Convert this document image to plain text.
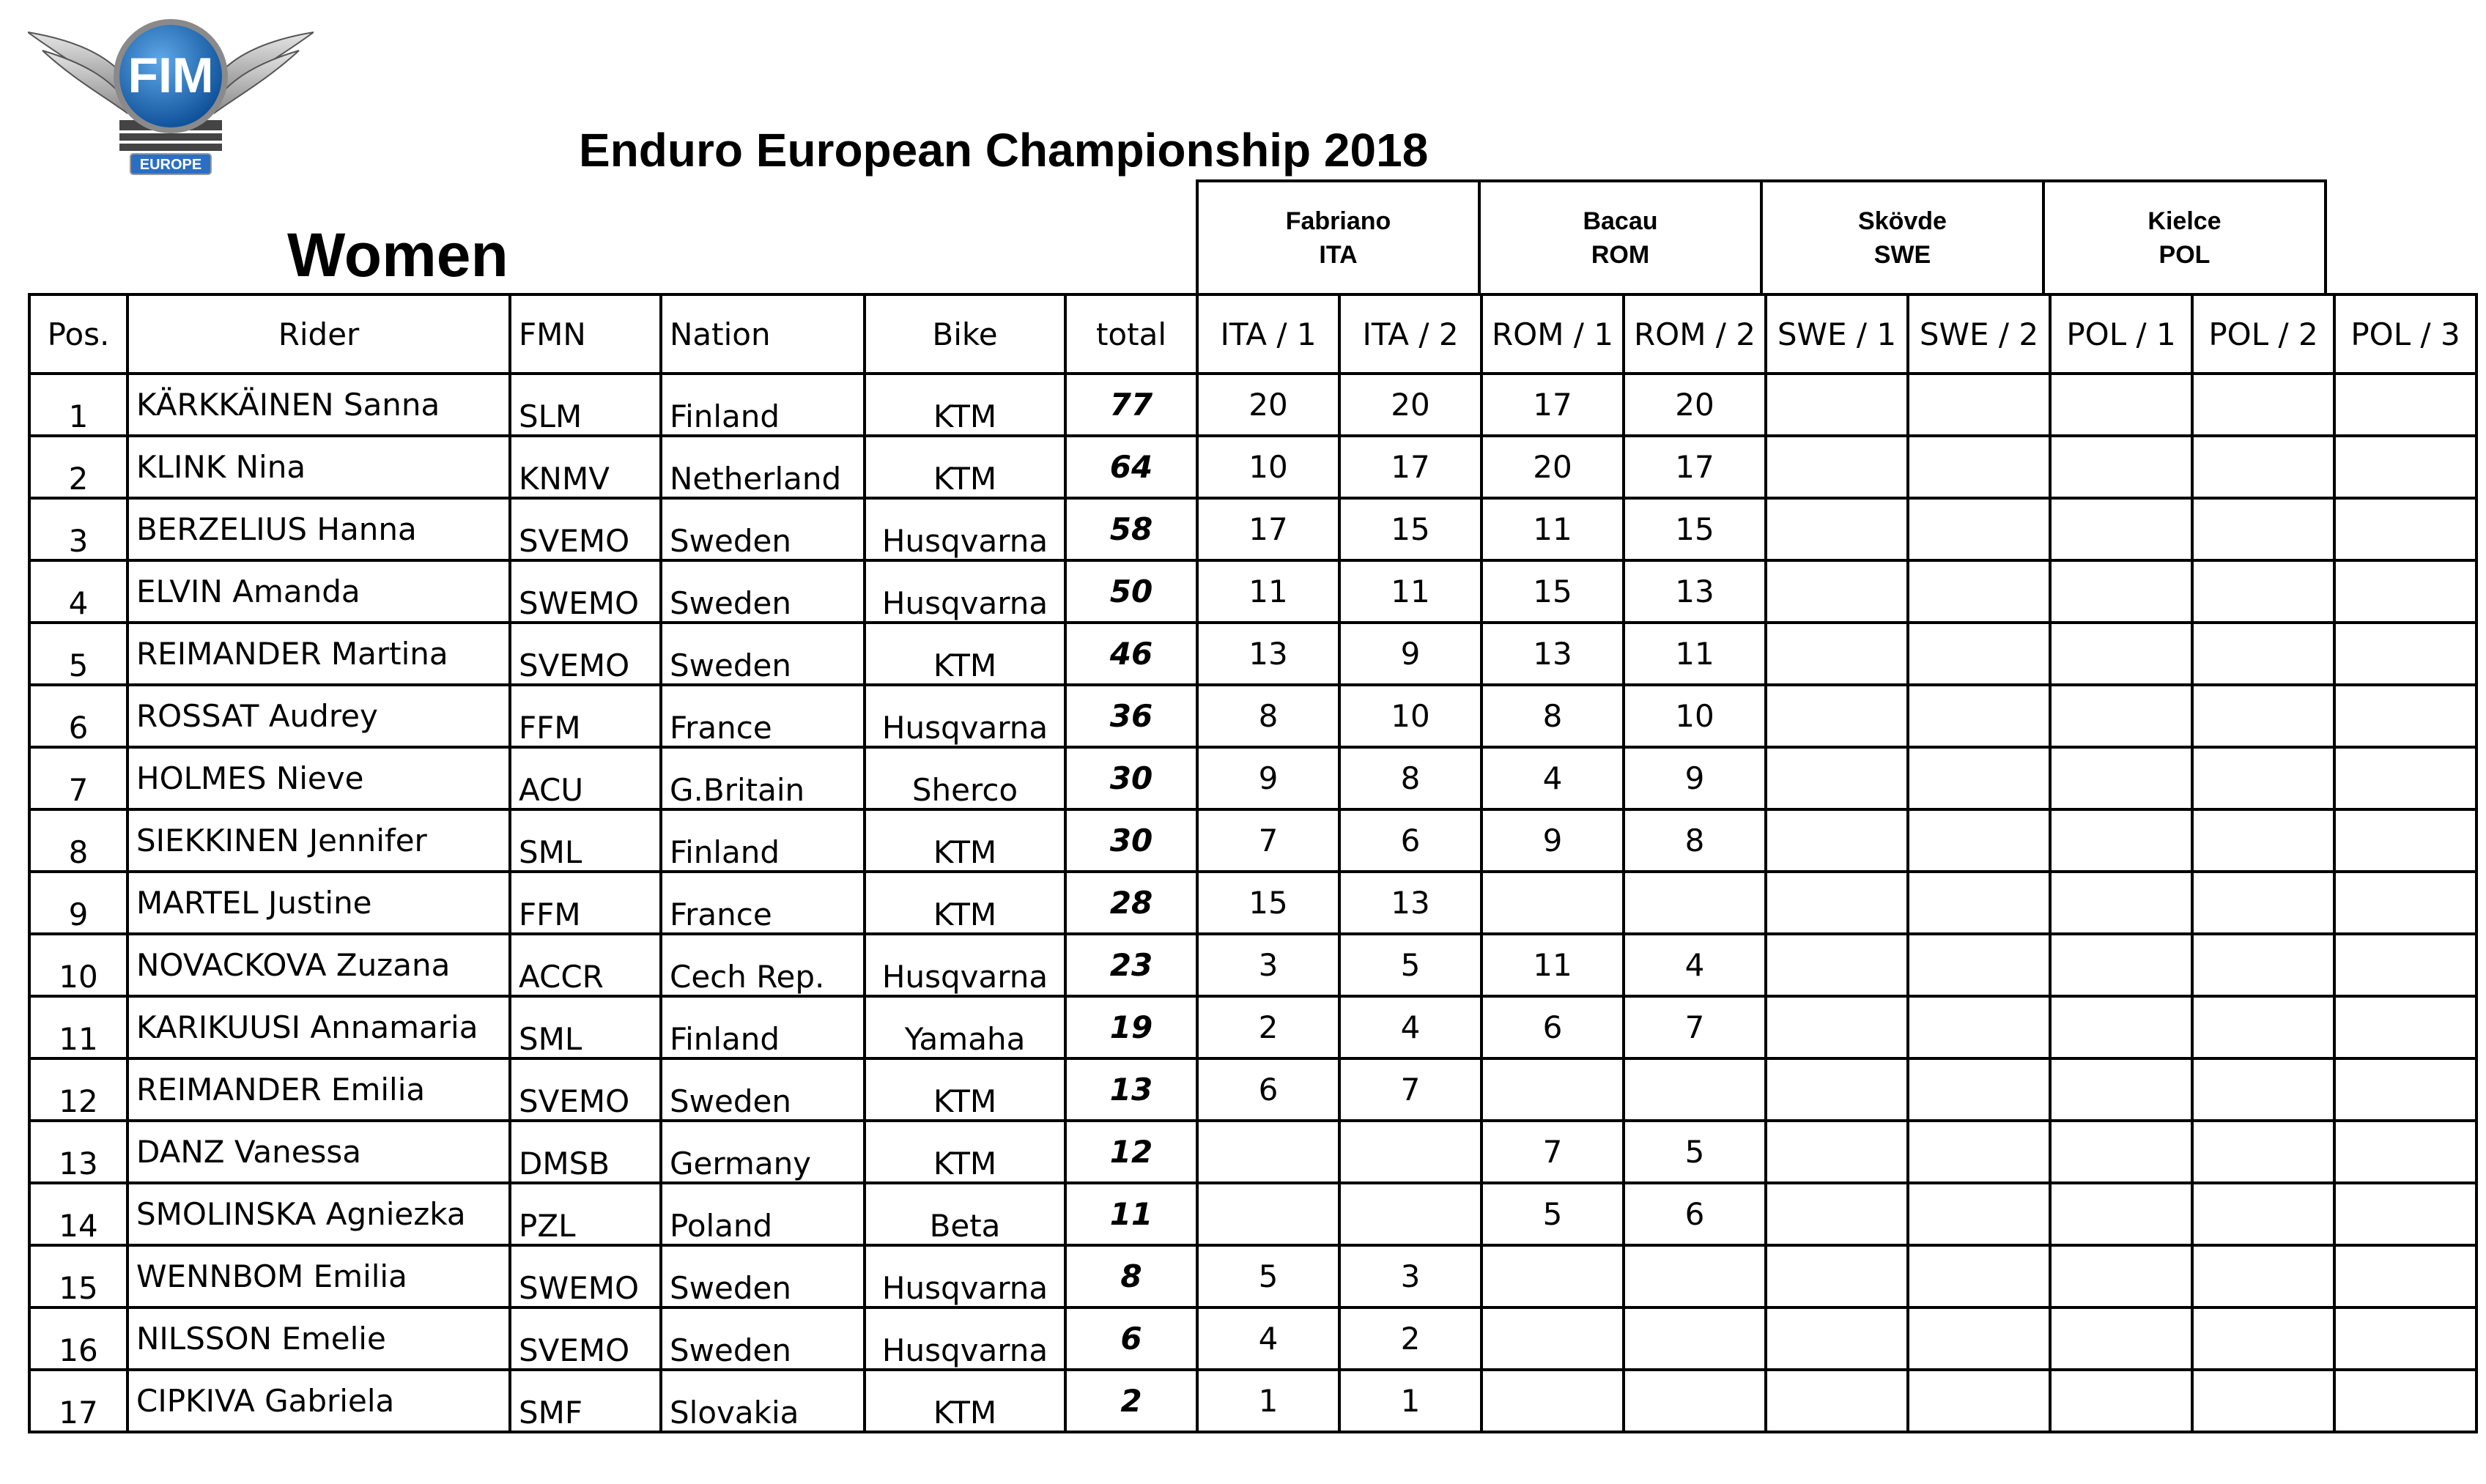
FIM
EUROPE	Enduro European Championship 2018
Women	Fabriano
ITA

Bacau
ROM

Skövde
SWE

Kielce
POL
Pos.	Rider	FMN	Nation	Bike	total	ITA / 1	ITA / 2	ROM / 1	ROM / 2	SWE / 1	SWE / 2	POL / 1	POL / 2	POL / 3
1	KÄRKKÄINEN Sanna	SLM	Finland	KTM	77	20	20	17	20					
2	KLINK Nina	KNMV	Netherland	KTM	64	10	17	20	17					
3	BERZELIUS Hanna	SVEMO	Sweden	Husqvarna	58	17	15	11	15					
4	ELVIN Amanda	SWEMO	Sweden	Husqvarna	50	11	11	15	13					
5	REIMANDER Martina	SVEMO	Sweden	KTM	46	13	9	13	11					
6	ROSSAT Audrey	FFM	France	Husqvarna	36	8	10	8	10					
7	HOLMES Nieve	ACU	G.Britain	Sherco	30	9	8	4	9					
8	SIEKKINEN Jennifer	SML	Finland	KTM	30	7	6	9	8					
9	MARTEL Justine	FFM	France	KTM	28	15	13							
10	NOVACKOVA Zuzana	ACCR	Cech Rep.	Husqvarna	23	3	5	11	4					
11	KARIKUUSI Annamaria	SML	Finland	Yamaha	19	2	4	6	7					
12	REIMANDER Emilia	SVEMO	Sweden	KTM	13	6	7							
13	DANZ Vanessa	DMSB	Germany	KTM	12			7	5					
14	SMOLINSKA Agniezka	PZL	Poland	Beta	11			5	6					
15	WENNBOM Emilia	SWEMO	Sweden	Husqvarna	8	5	3							
16	NILSSON Emelie	SVEMO	Sweden	Husqvarna	6	4	2							
17	CIPKIVA Gabriela	SMF	Slovakia	KTM	2	1	1							
